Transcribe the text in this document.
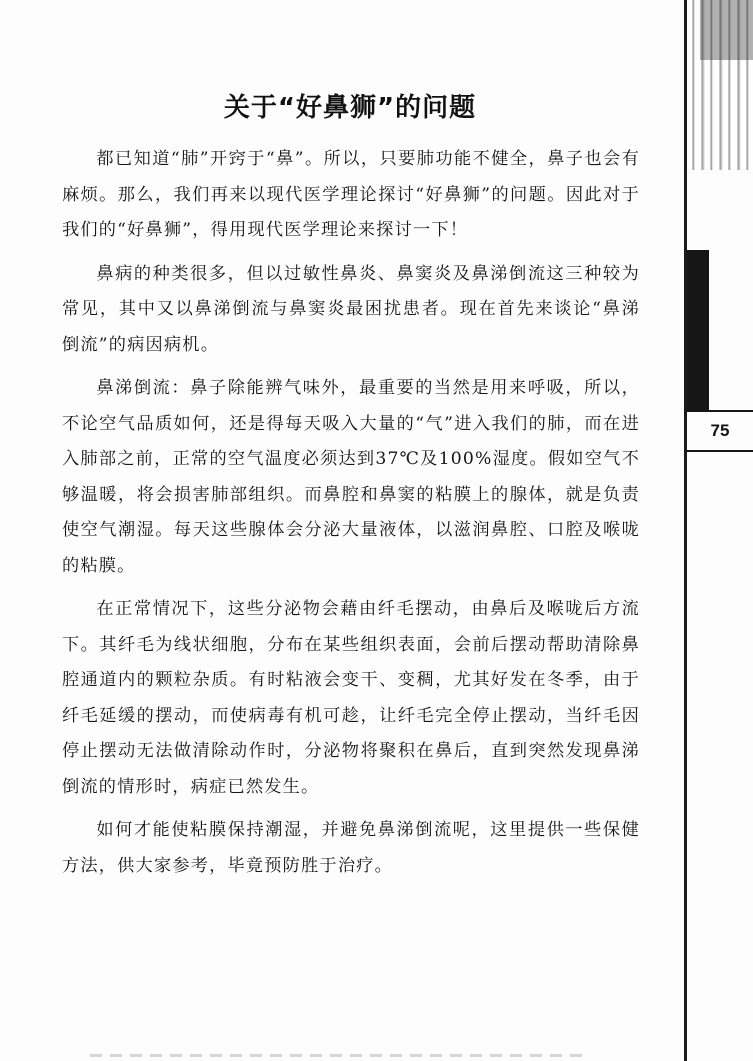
75
关于“好鼻狮”的问题

都已知道“肺”开窍于“鼻”。所以，只要肺功能不健全，鼻子也会有麻烦。那么，我们再来以现代医学理论探讨“好鼻狮”的问题。因此对于我们的“好鼻狮”，得用现代医学理论来探讨一下！

鼻病的种类很多，但以过敏性鼻炎、鼻窦炎及鼻涕倒流这三种较为常见，其中又以鼻涕倒流与鼻窦炎最困扰患者。现在首先来谈论“鼻涕倒流”的病因病机。

鼻涕倒流：鼻子除能辨气味外，最重要的当然是用来呼吸，所以，不论空气品质如何，还是得每天吸入大量的“气”进入我们的肺，而在进入肺部之前，正常的空气温度必须达到37℃及100%湿度。假如空气不够温暖，将会损害肺部组织。而鼻腔和鼻窦的粘膜上的腺体，就是负责使空气潮湿。每天这些腺体会分泌大量液体，以滋润鼻腔、口腔及喉咙的粘膜。

在正常情况下，这些分泌物会藉由纤毛摆动，由鼻后及喉咙后方流下。其纤毛为线状细胞，分布在某些组织表面，会前后摆动帮助清除鼻腔通道内的颗粒杂质。有时粘液会变干、变稠，尤其好发在冬季，由于纤毛延缓的摆动，而使病毒有机可趁，让纤毛完全停止摆动，当纤毛因停止摆动无法做清除动作时，分泌物将聚积在鼻后，直到突然发现鼻涕倒流的情形时，病症已然发生。

如何才能使粘膜保持潮湿，并避免鼻涕倒流呢，这里提供一些保健方法，供大家参考，毕竟预防胜于治疗。
